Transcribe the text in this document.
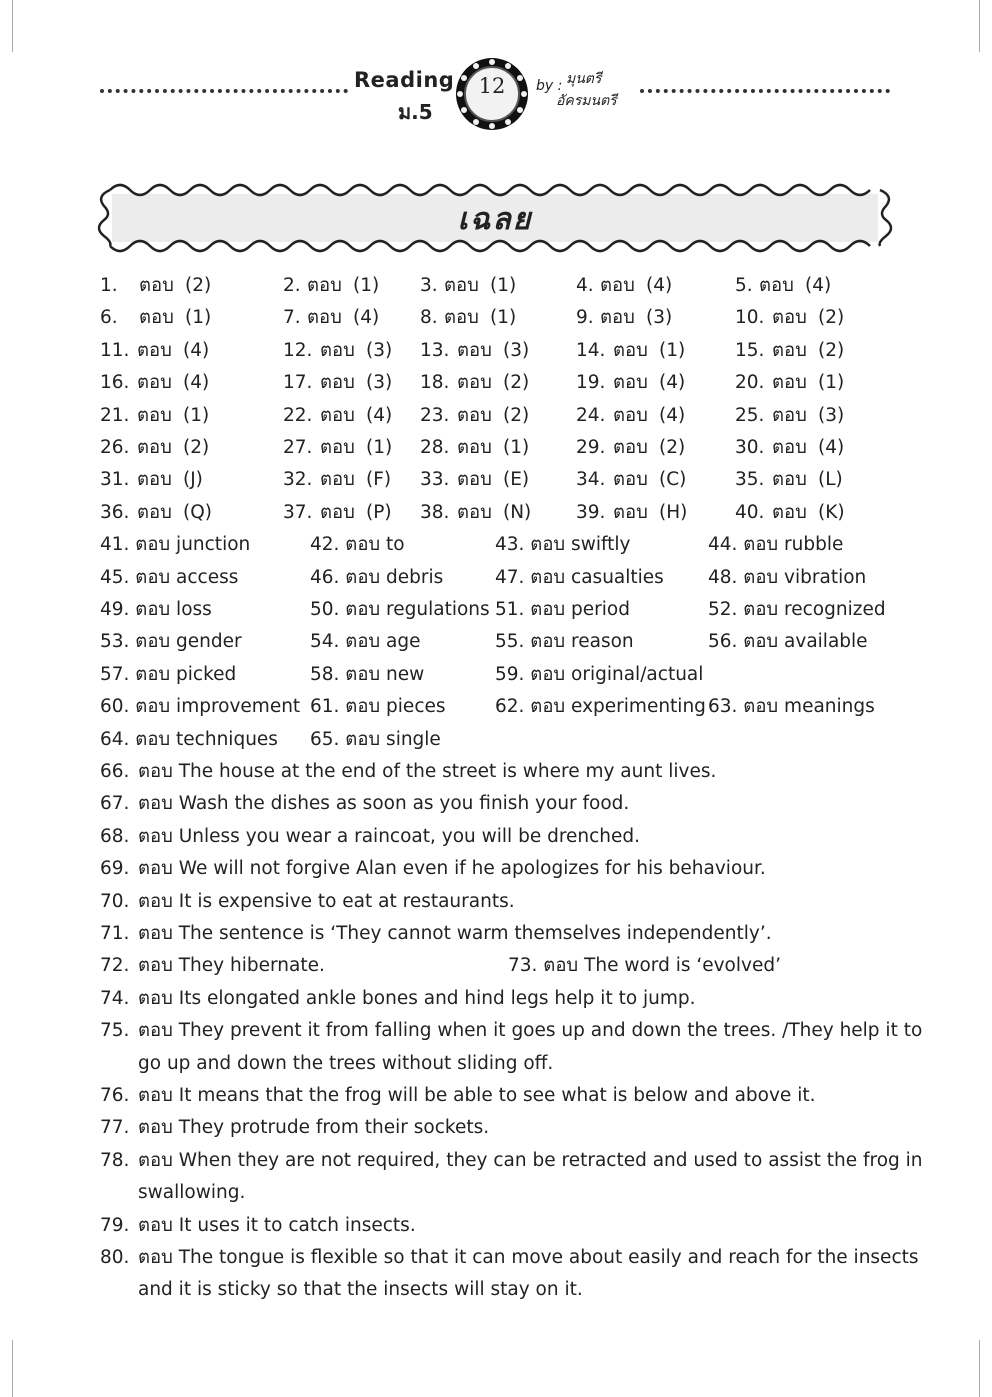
Reading
ม.5
12	by : มุนตรี
อัครมนตรี
เฉลย
1. ตอบ (2)	2. ตอบ (1) 3. ตอบ (1)	4. ตอบ (4)	5. ตอบ (4)
6. ตอบ (1)	7. ตอบ (4) 8. ตอบ (1)	9. ตอบ (3)	10. ตอบ (2)
11. ตอบ (4)	12. ตอบ (3) 13. ตอบ (3)	14. ตอบ (1)	15. ตอบ (2)
16. ตอบ (4)	17. ตอบ (3) 18. ตอบ (2)	19. ตอบ (4)	20. ตอบ (1)
21. ตอบ (1)	22. ตอบ (4) 23. ตอบ (2)	24. ตอบ (4)	25. ตอบ (3)
26. ตอบ (2)	27. ตอบ (1) 28. ตอบ (1)	29. ตอบ (2)	30. ตอบ (4)
31. ตอบ (J)	32. ตอบ (F) 33. ตอบ (E)	34. ตอบ (C)	35. ตอบ (L)
36. ตอบ (Q)	37. ตอบ (P) 38. ตอบ (N) 39. ตอบ (H)	40. ตอบ (K)
41. ตอบ junction	42. ตอบ to	43. ตอบ swiftly	44. ตอบ rubble
45. ตอบ access	46. ตอบ debris	47. ตอบ casualties 48. ตอบ vibration
49. ตอบ loss	50. ตอบ regulations 51. ตอบ period	52. ตอบ recognized
53. ตอบ gender	54. ตอบ age	55. ตอบ reason	56. ตอบ available
57. ตอบ picked	58. ตอบ new	59. ตอบ original/actual
60. ตอบ improvement 61. ตอบ pieces	62. ตอบ experimenting 63. ตอบ meanings
64. ตอบ techniques 65. ตอบ single
66. ตอบ The house at the end of the street is where my aunt lives.
67. ตอบ Wash the dishes as soon as you finish your food.
68. ตอบ Unless you wear a raincoat, you will be drenched.
69. ตอบ We will not forgive Alan even if he apologizes for his behaviour.
70. ตอบ It is expensive to eat at restaurants.
71. ตอบ The sentence is ‘They cannot warm themselves independently’.
72. ตอบ They hibernate.	73. ตอบ The word is ‘evolved’
74. ตอบ Its elongated ankle bones and hind legs help it to jump.
75. ตอบ They prevent it from falling when it goes up and down the trees. /They help it to
go up and down the trees without sliding off.
76. ตอบ It means that the frog will be able to see what is below and above it.
77. ตอบ They protrude from their sockets.
78. ตอบ When they are not required, they can be retracted and used to assist the frog in
swallowing.
79. ตอบ It uses it to catch insects.
80. ตอบ The tongue is flexible so that it can move about easily and reach for the insects
and it is sticky so that the insects will stay on it.
